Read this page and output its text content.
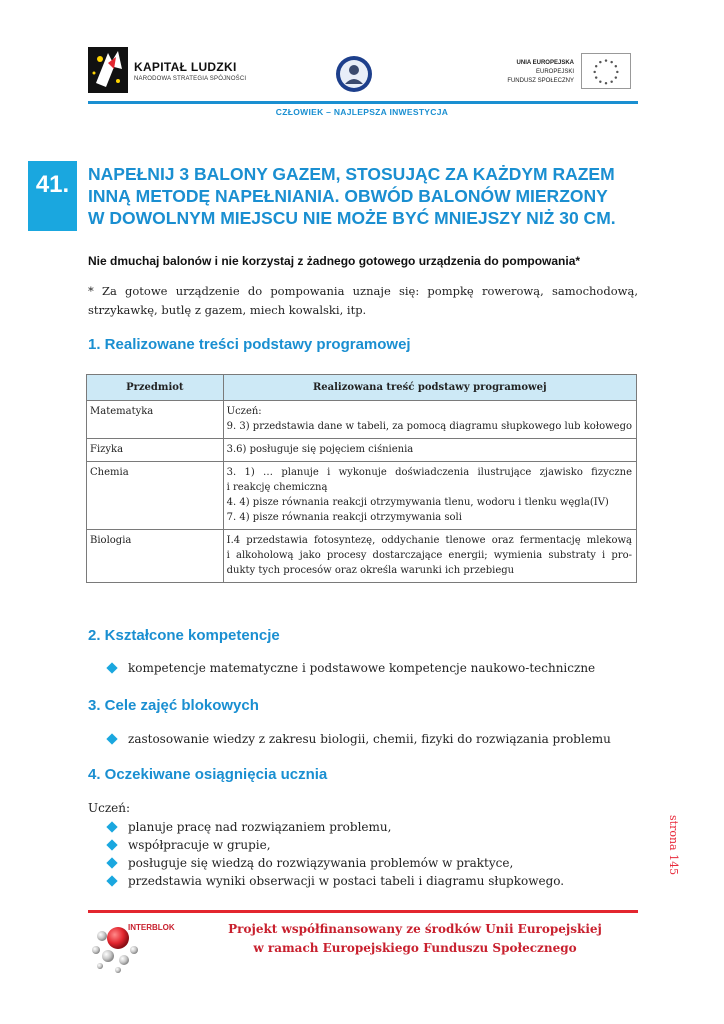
KAPITAŁ LUDZKI
NARODOWA STRATEGIA SPÓJNOŚCI
UNIA EUROPEJSKA
EUROPEJSKI
FUNDUSZ SPOŁECZNY
CZŁOWIEK – NAJLEPSZA INWESTYCJA
41.	NAPEŁNIJ 3 BALONY GAZEM, STOSUJĄC ZA KAŻDYM RAZEM
INNĄ METODĘ NAPEŁNIANIA. OBWÓD BALONÓW MIERZONY
W DOWOLNYM MIEJSCU NIE MOŻE BYĆ MNIEJSZY NIŻ 30 CM.
Nie dmuchaj balonów i nie korzystaj z żadnego gotowego urządzenia do pompowania*
* Za gotowe urządzenie do pompowania uznaje się: pompkę rowerową, samochodową, strzykawkę, butlę z gazem, miech kowalski, itp.
1. Realizowane treści podstawy programowej
Przedmiot	Realizowana treść podstawy programowej
Matematyka	Uczeń:
9. 3) przedstawia dane w tabeli, za pomocą diagramu słupkowego lub kołowego

Fizyka	3.6) posługuje się pojęciem ciśnienia

Chemia	3. 1) … planuje i wykonuje doświadczenia ilustrujące zjawisko fizyczne
i reakcję chemiczną
4. 4) pisze równania reakcji otrzymywania tlenu, wodoru i tlenku węgla(IV)
7. 4) pisze równania reakcji otrzymywania soli

Biologia	I.4 przedstawia fotosyntezę, oddychanie tlenowe oraz fermentację mlekową
i alkoholową jako procesy dostarczające energii; wymienia substraty i pro-
dukty tych procesów oraz określa warunki ich przebiegu
2. Kształcone kompetencje
kompetencje matematyczne i podstawowe kompetencje naukowo-techniczne
3. Cele zajęć blokowych
zastosowanie wiedzy z zakresu biologii, chemii, fizyki do rozwiązania problemu
4. Oczekiwane osiągnięcia ucznia
Uczeń:
planuje pracę nad rozwiązaniem problemu,
współpracuje w grupie,
posługuje się wiedzą do rozwiązywania problemów w praktyce,
przedstawia wyniki obserwacji w postaci tabeli i diagramu słupkowego.
strona 145
INTERBLOK	Projekt współfinansowany ze środków Unii Europejskiej
w ramach Europejskiego Funduszu Społecznego
